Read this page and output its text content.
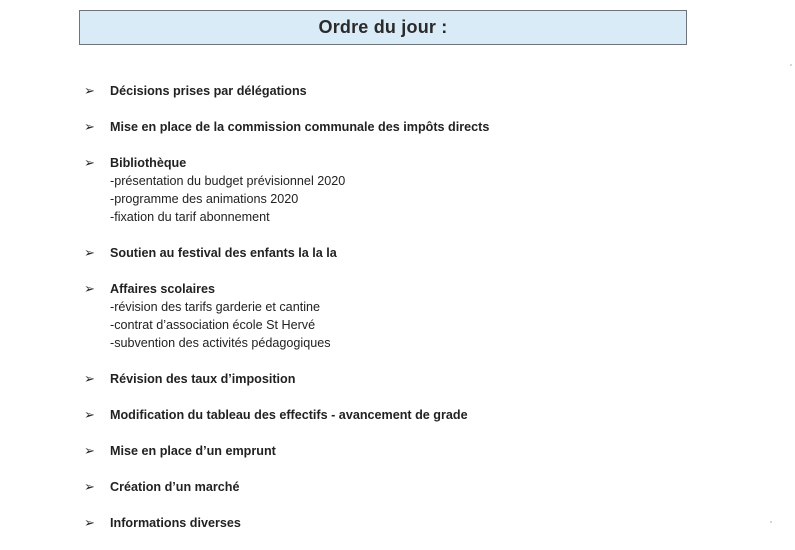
Ordre du jour :
➢	Décisions prises par délégations
➢	Mise en place de la commission communale des impôts directs
➢	Bibliothèque
-présentation du budget prévisionnel 2020
-programme des animations 2020
-fixation du tarif abonnement
➢	Soutien au festival des enfants la la la
➢	Affaires scolaires
-révision des tarifs garderie et cantine
-contrat d’association école St Hervé
-subvention des activités pédagogiques
➢	Révision des taux d’imposition
➢	Modification du tableau des effectifs - avancement de grade
➢	Mise en place d’un emprunt
➢	Création d’un marché
➢	Informations diverses
